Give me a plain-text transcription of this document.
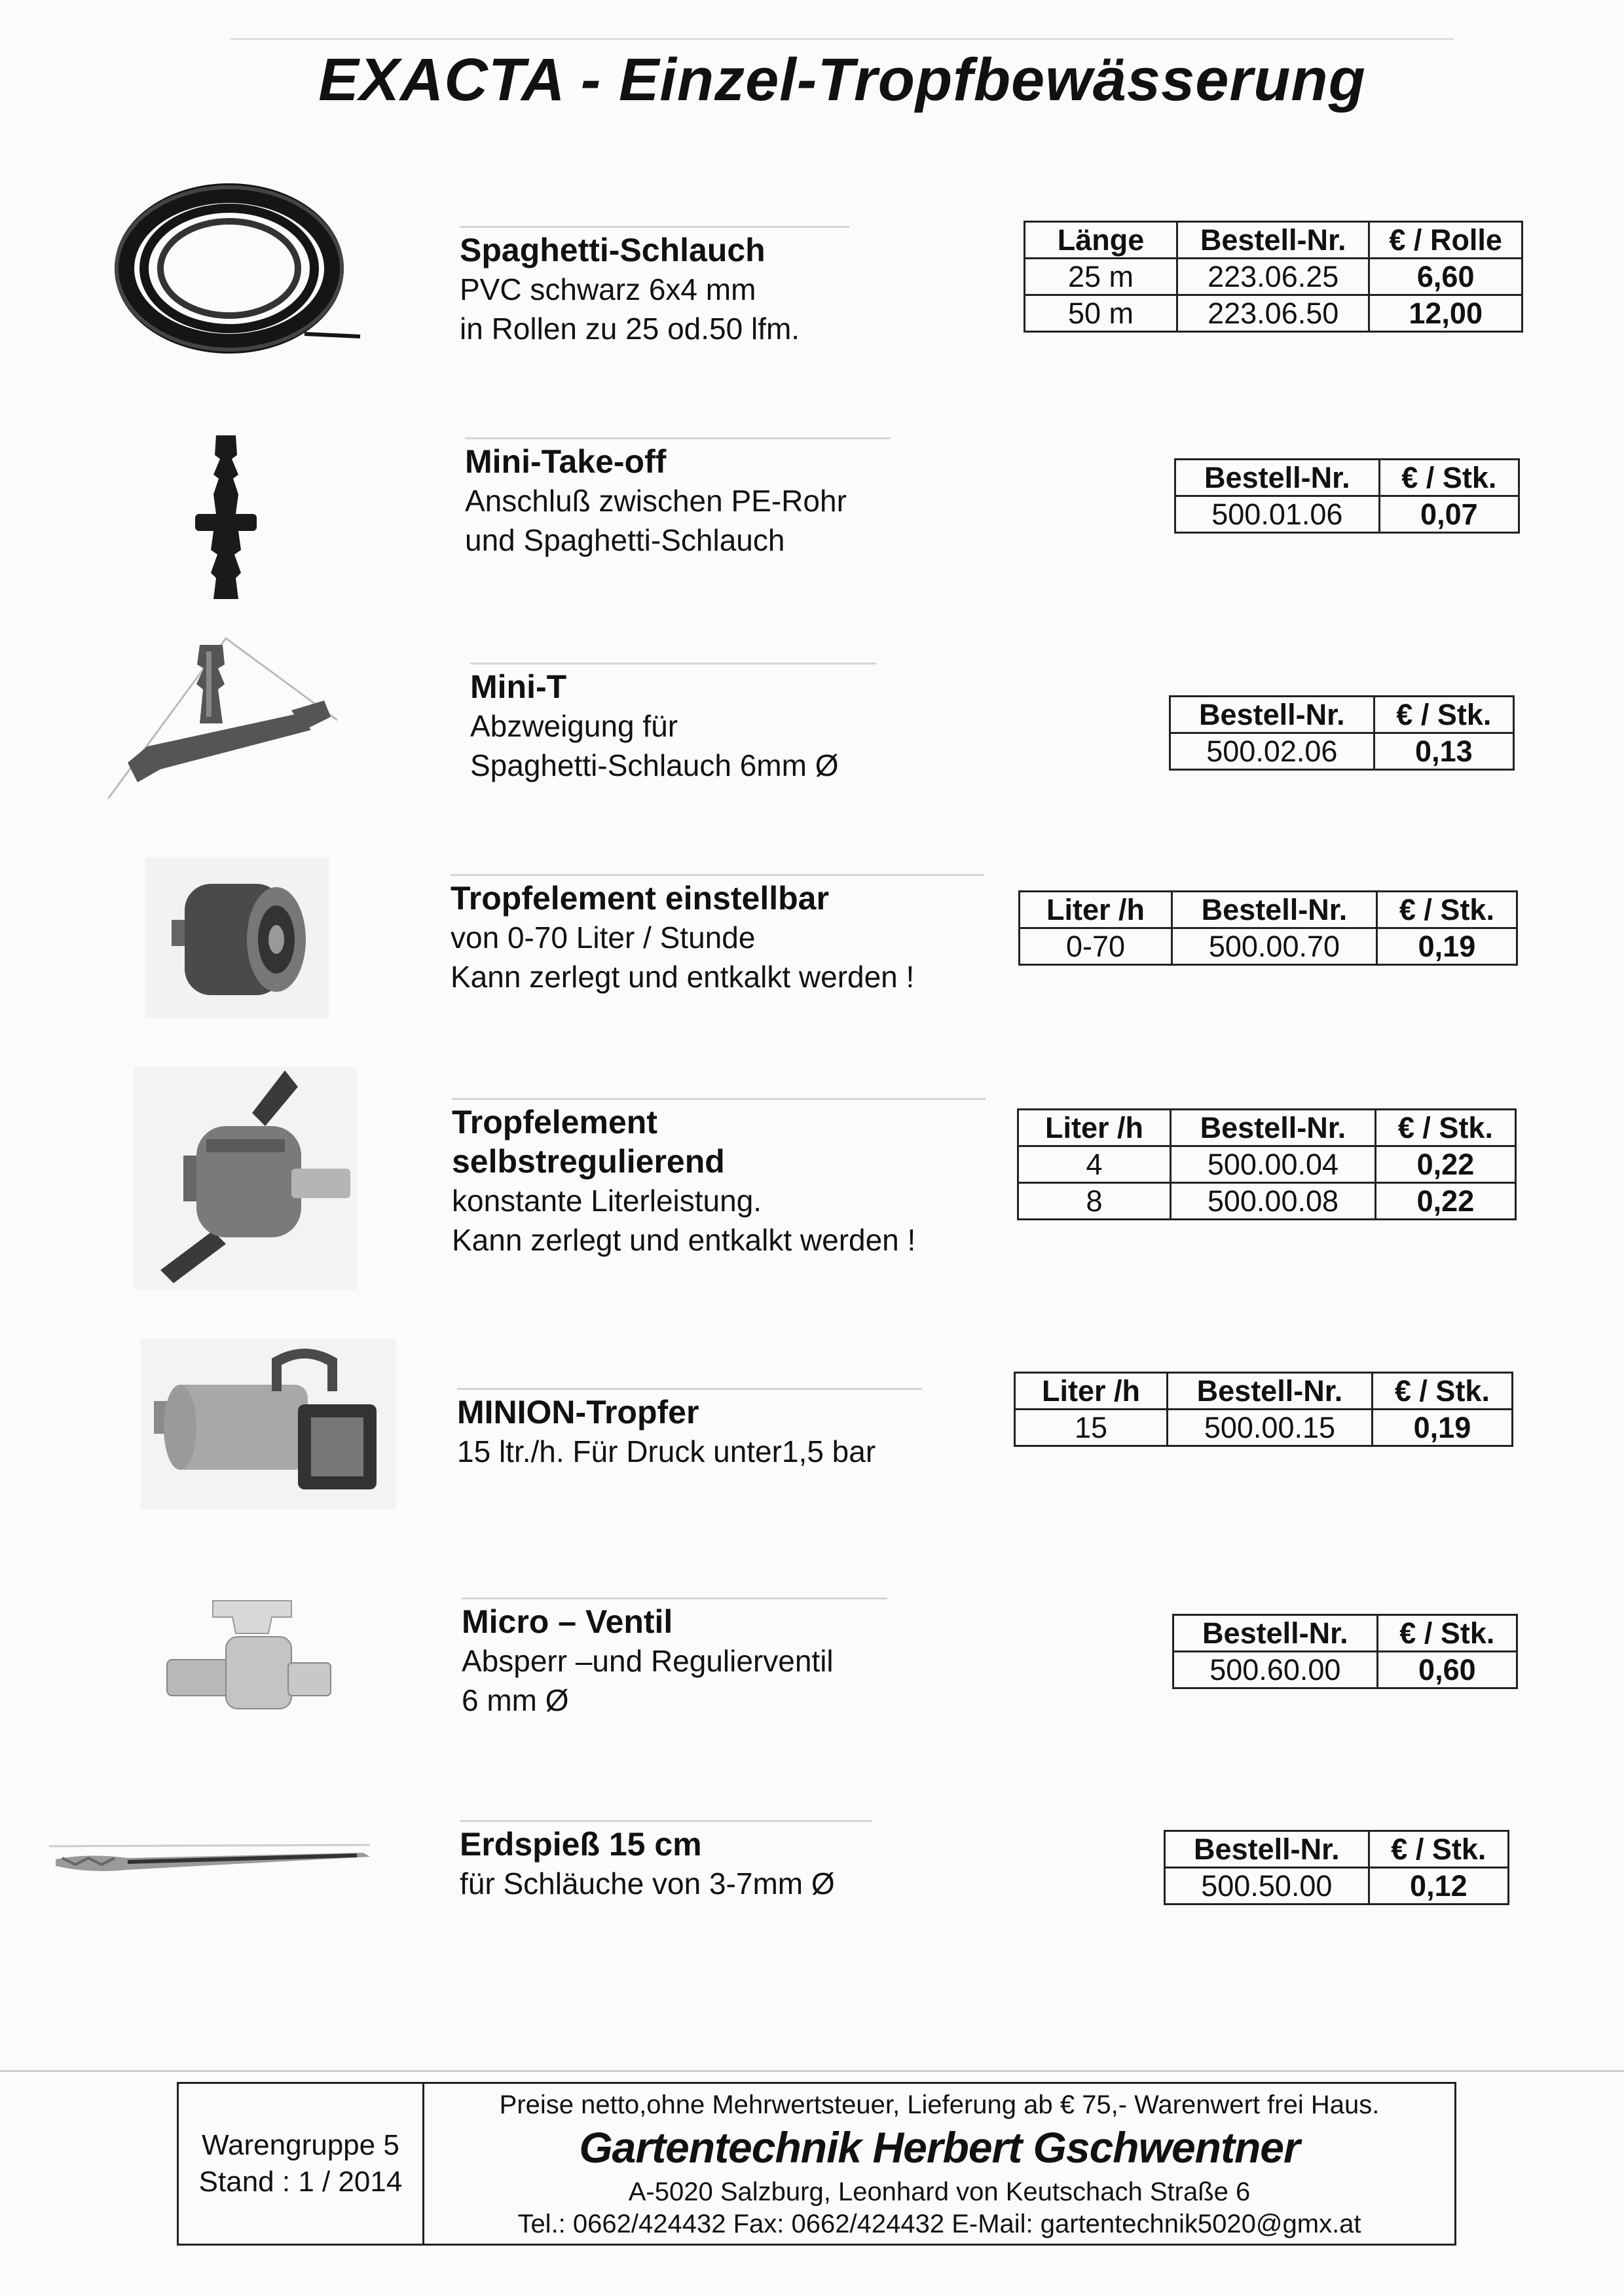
EXACTA - Einzel-Tropfbewässerung
Spaghetti-Schlauch
PVC schwarz 6x4 mm
in Rollen zu 25 od.50 lfm.
Länge	Bestell-Nr.	€ / Rolle
25 m	223.06.25	6,60
50 m	223.06.50	12,00
Mini-Take-off
Anschluß zwischen PE-Rohr
und Spaghetti-Schlauch
Bestell-Nr.	€ / Stk.
500.01.06	0,07
Mini-T
Abzweigung für
Spaghetti-Schlauch 6mm Ø
Bestell-Nr.	€ / Stk.
500.02.06	0,13
Tropfelement einstellbar
von 0-70 Liter / Stunde
Kann zerlegt und entkalkt werden !
Liter /h	Bestell-Nr.	€ / Stk.
0-70	500.00.70	0,19
Tropfelement
selbstregulierend
konstante Literleistung.
Kann zerlegt und entkalkt werden !
Liter /h	Bestell-Nr.	€ / Stk.
4	500.00.04	0,22
8	500.00.08	0,22
MINION-Tropfer
15 ltr./h. Für Druck unter1,5 bar
Liter /h	Bestell-Nr.	€ / Stk.
15	500.00.15	0,19
Micro – Ventil
Absperr –und Regulierventil
6 mm Ø
Bestell-Nr.	€ / Stk.
500.60.00	0,60
Erdspieß 15 cm
für Schläuche von 3-7mm Ø
Bestell-Nr.	€ / Stk.
500.50.00	0,12
Warengruppe 5
Stand : 1 / 2014
Preise netto,ohne Mehrwertsteuer, Lieferung ab € 75,- Warenwert frei Haus.
Gartentechnik Herbert Gschwentner
A-5020 Salzburg, Leonhard von Keutschach Straße 6
Tel.: 0662/424432 Fax: 0662/424432 E-Mail: gartentechnik5020@gmx.at
